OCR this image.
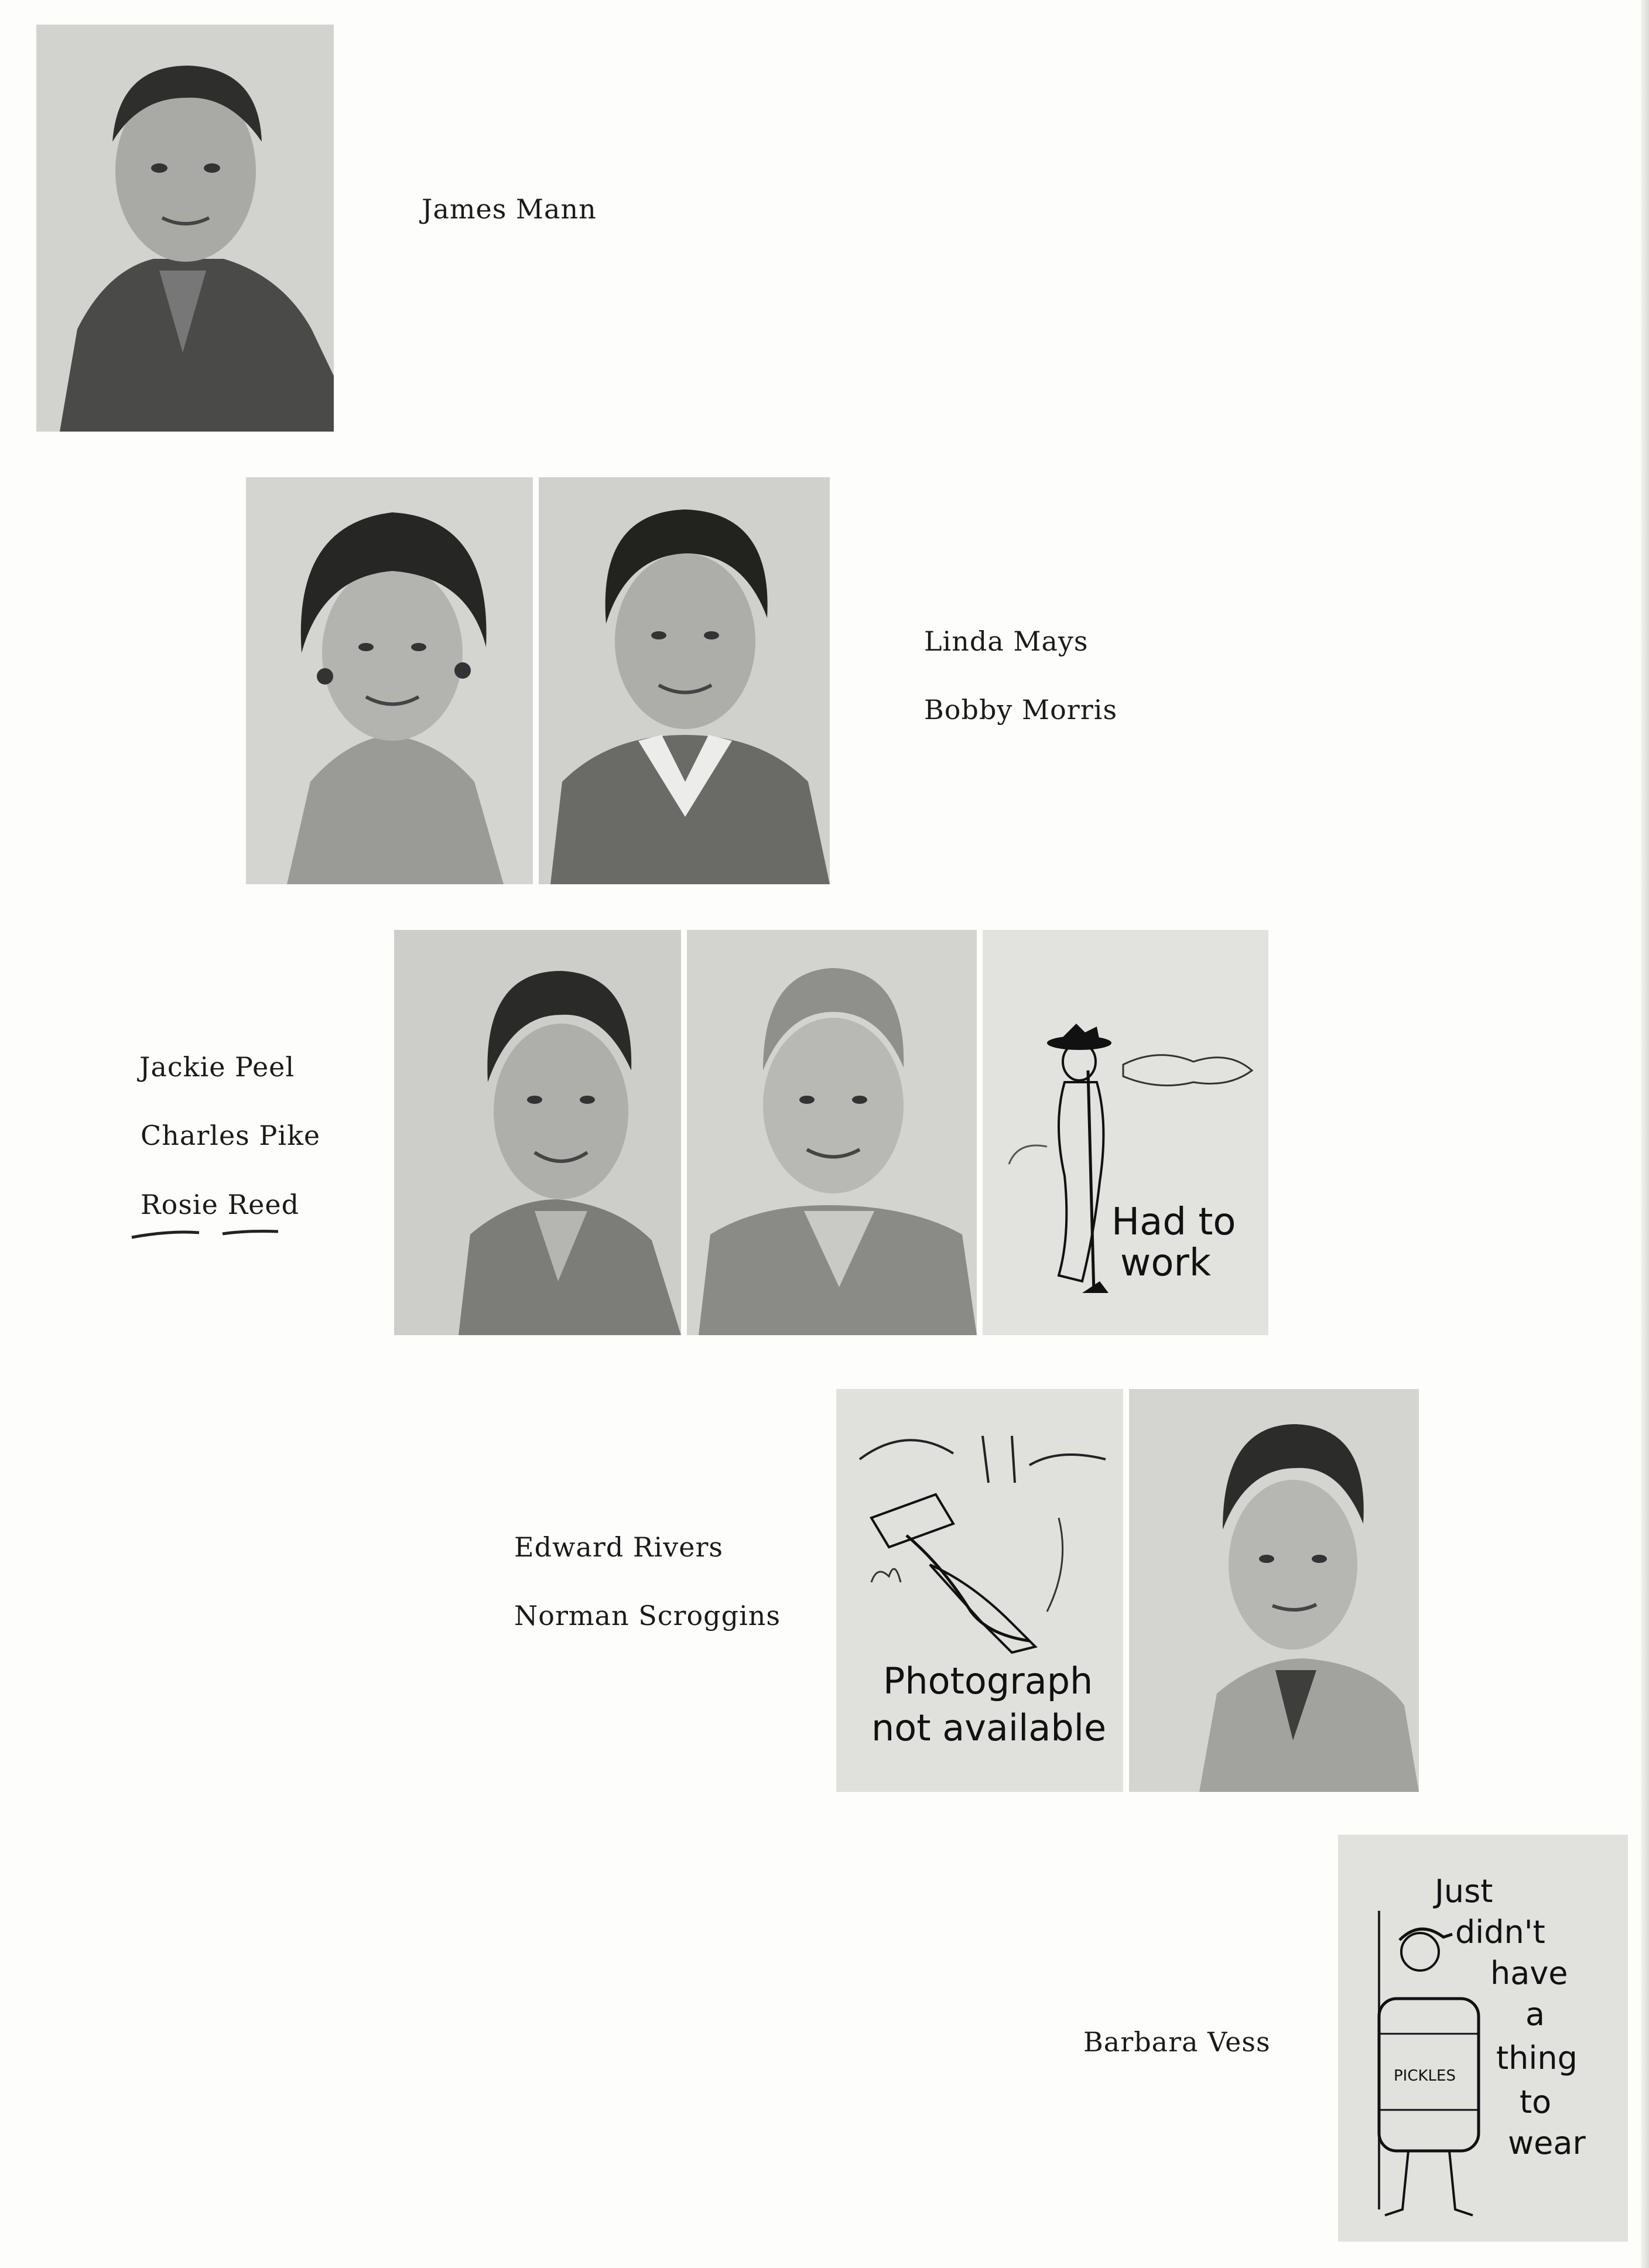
James Mann
Linda Mays
Bobby Morris
Jackie Peel
Charles Pike
Rosie Reed	Had to
work
Edward Rivers
Norman Scroggins
Photograph
not available
Barbara Vess
PICKLES
Just
didn't
have
a
thing
to
wear
